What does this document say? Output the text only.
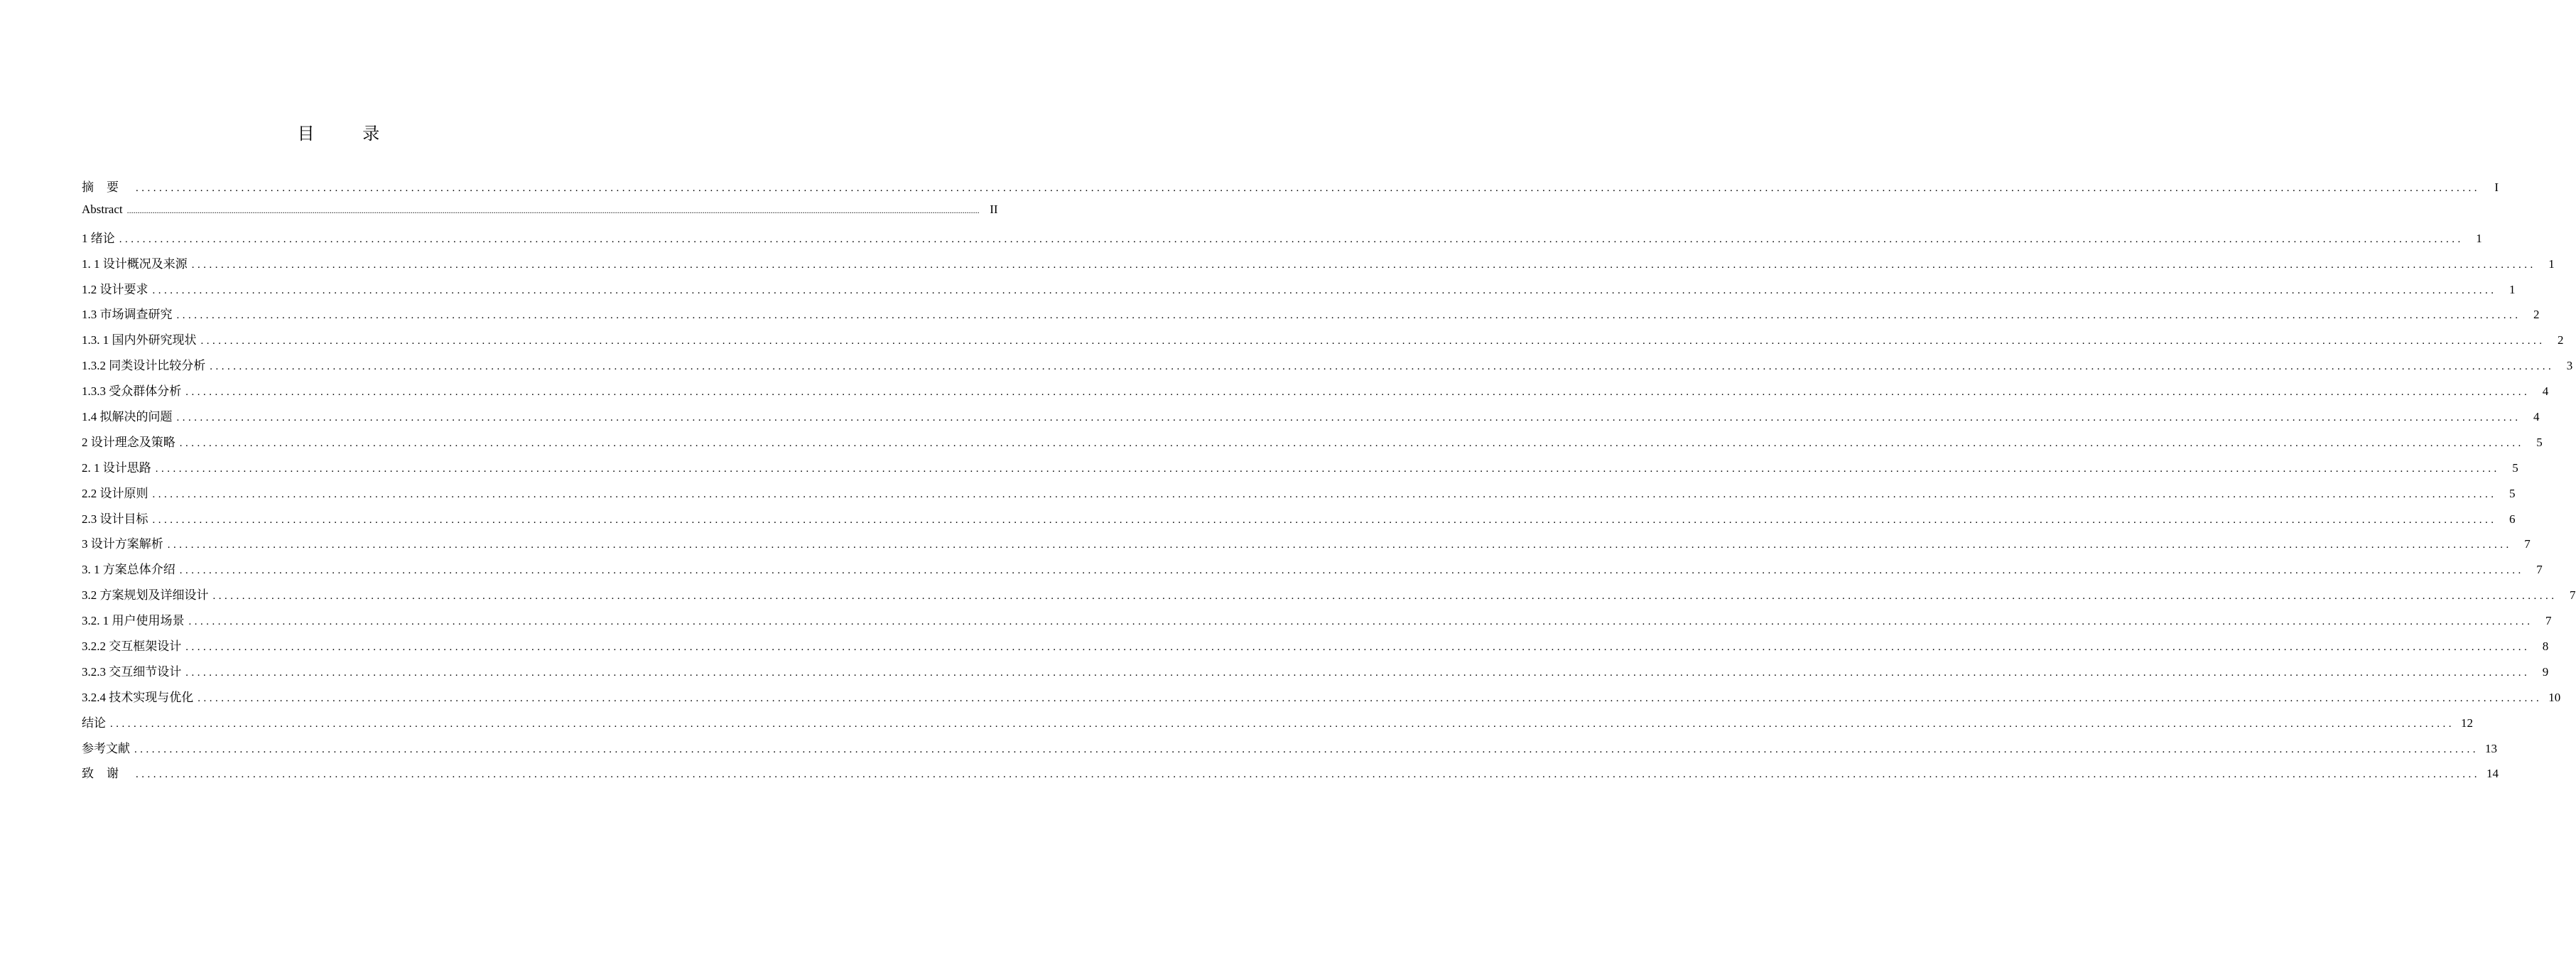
目 录
摘要 ................................................................................................................................................................................................................................................................................................................................................................................................................	I
Abstract ................................................................................................................................................................................................................................................................................................................................................................................................................ II
1 绪论 ................................................................................................................................................................................................................................................................................................................................................................................................................	1
1. 1 设计概况及来源 ................................................................................................................................................................................................................................................................................................................................................................................................................	1
1.2 设计要求 ................................................................................................................................................................................................................................................................................................................................................................................................................	1
1.3 市场调查研究 ................................................................................................................................................................................................................................................................................................................................................................................................................	2
1.3. 1 国内外研究现状 ................................................................................................................................................................................................................................................................................................................................................................................................................	2
1.3.2 同类设计比较分析 ................................................................................................................................................................................................................................................................................................................................................................................................................	3
1.3.3 受众群体分析 ................................................................................................................................................................................................................................................................................................................................................................................................................	4
1.4 拟解决的问题 ................................................................................................................................................................................................................................................................................................................................................................................................................	4
2 设计理念及策略 ................................................................................................................................................................................................................................................................................................................................................................................................................	5
2. 1 设计思路 ................................................................................................................................................................................................................................................................................................................................................................................................................	5
2.2 设计原则 ................................................................................................................................................................................................................................................................................................................................................................................................................	5
2.3 设计目标 ................................................................................................................................................................................................................................................................................................................................................................................................................	6
3 设计方案解析 ................................................................................................................................................................................................................................................................................................................................................................................................................	7
3. 1 方案总体介绍 ................................................................................................................................................................................................................................................................................................................................................................................................................	7
3.2 方案规划及详细设计 ................................................................................................................................................................................................................................................................................................................................................................................................................	7
3.2. 1 用户使用场景 ................................................................................................................................................................................................................................................................................................................................................................................................................	7
3.2.2 交互框架设计 ................................................................................................................................................................................................................................................................................................................................................................................................................	8
3.2.3 交互细节设计 ................................................................................................................................................................................................................................................................................................................................................................................................................	9
3.2.4 技术实现与优化 ................................................................................................................................................................................................................................................................................................................................................................................................................ 10
结论 ................................................................................................................................................................................................................................................................................................................................................................................................................ 12
参考文献 ................................................................................................................................................................................................................................................................................................................................................................................................................ 13
致谢 ................................................................................................................................................................................................................................................................................................................................................................................................................ 14
